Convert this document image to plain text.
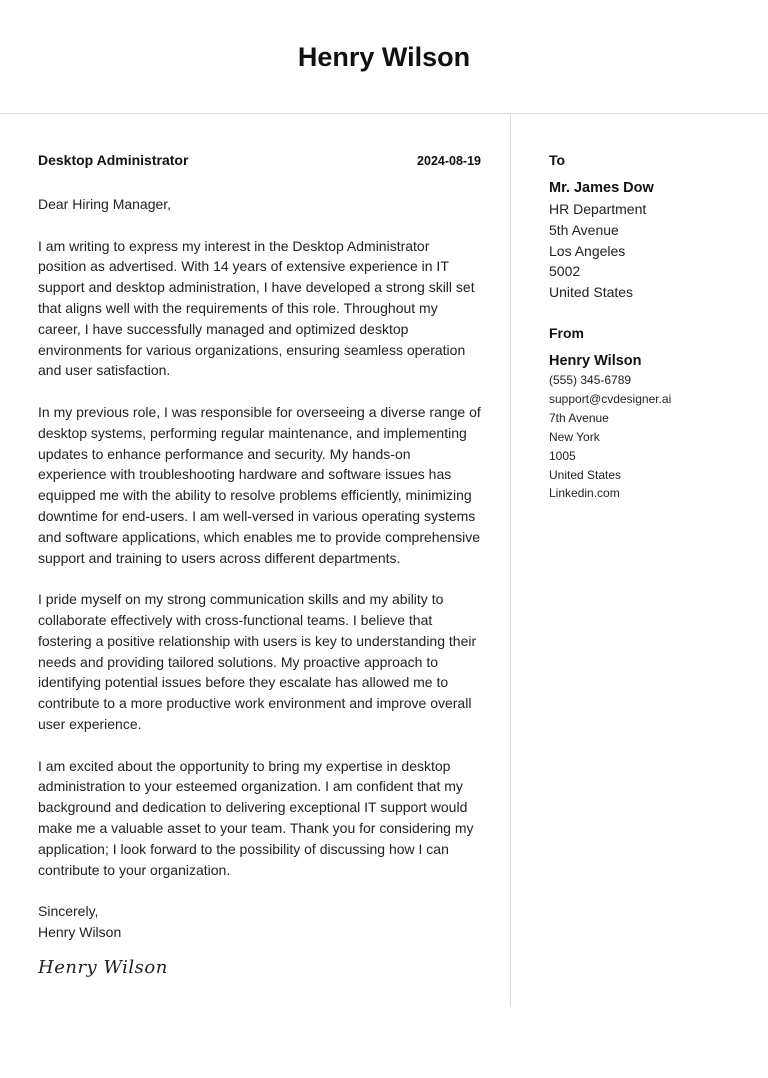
Henry Wilson
Desktop Administrator	2024-08-19
Dear Hiring Manager,

I am writing to express my interest in the Desktop Administrator position as advertised. With 14 years of extensive experience in IT support and desktop administration, I have developed a strong skill set that aligns well with the requirements of this role. Throughout my career, I have successfully managed and optimized desktop environments for various organizations, ensuring seamless operation and user satisfaction.

In my previous role, I was responsible for overseeing a diverse range of desktop systems, performing regular maintenance, and implementing updates to enhance performance and security. My hands-on experience with troubleshooting hardware and software issues has equipped me with the ability to resolve problems efficiently, minimizing downtime for end-users. I am well-versed in various operating systems and software applications, which enables me to provide comprehensive support and training to users across different departments.

I pride myself on my strong communication skills and my ability to collaborate effectively with cross-functional teams. I believe that fostering a positive relationship with users is key to understanding their needs and providing tailored solutions. My proactive approach to identifying potential issues before they escalate has allowed me to contribute to a more productive work environment and improve overall user experience.

I am excited about the opportunity to bring my expertise in desktop administration to your esteemed organization. I am confident that my background and dedication to delivering exceptional IT support would make me a valuable asset to your team. Thank you for considering my application; I look forward to the possibility of discussing how I can contribute to your organization.

Sincerely,
Henry Wilson
Henry Wilson
To
Mr. James Dow
HR Department
5th Avenue
Los Angeles
5002
United States
From
Henry Wilson
(555) 345-6789
support@cvdesigner.ai
7th Avenue
New York
1005
United States
Linkedin.com
